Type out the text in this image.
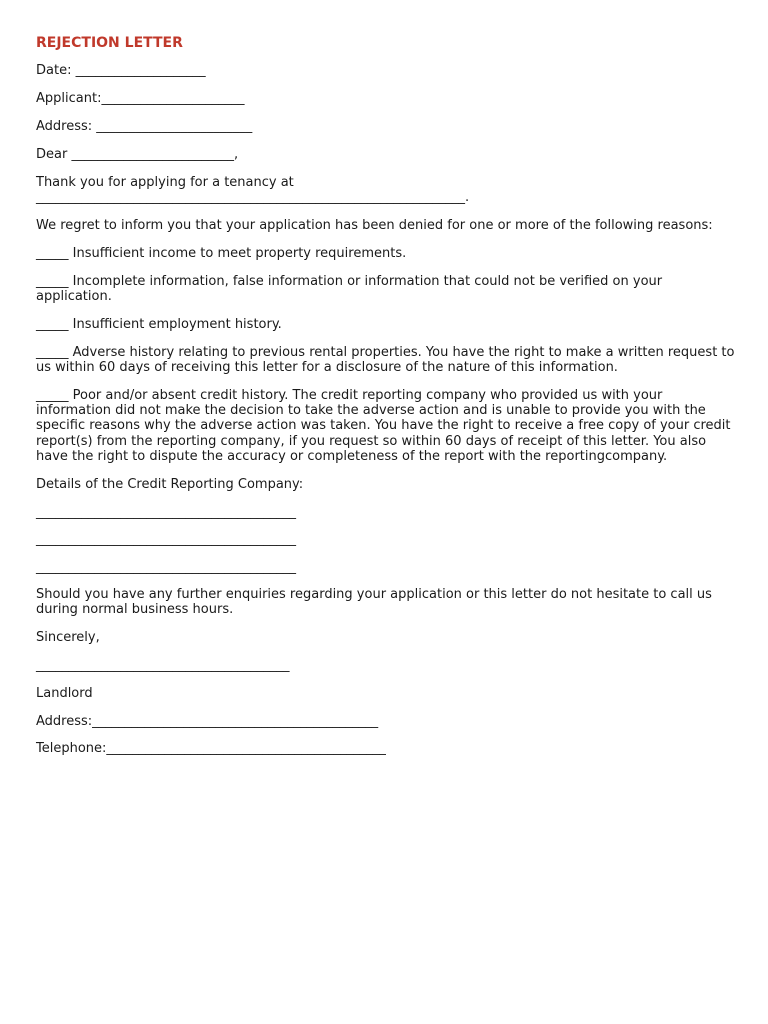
REJECTION LETTER
Date: ____________________
Applicant:______________________
Address: ________________________
Dear _________________________,
Thank you for applying for a tenancy at
__________________________________________________________________.
We regret to inform you that your application has been denied for one or more of the following reasons:
_____ Insufficient income to meet property requirements.
_____ Incomplete information, false information or information that could not be verified on your application.
_____ Insufficient employment history.
_____ Adverse history relating to previous rental properties. You have the right to make a written request to us within 60 days of receiving this letter for a disclosure of the nature of this information.
_____ Poor and/or absent credit history. The credit reporting company who provided us with your information did not make the decision to take the adverse action and is unable to provide you with the specific reasons why the adverse action was taken. You have the right to receive a free copy of your credit report(s) from the reporting company, if you request so within 60 days of receipt of this letter. You also have the right to dispute the accuracy or completeness of the report with the reportingcompany.
Details of the Credit Reporting Company:
________________________________________
________________________________________
________________________________________
Should you have any further enquiries regarding your application or this letter do not hesitate to call us during normal business hours.
Sincerely,
_______________________________________
Landlord
Address:____________________________________________
Telephone:___________________________________________
